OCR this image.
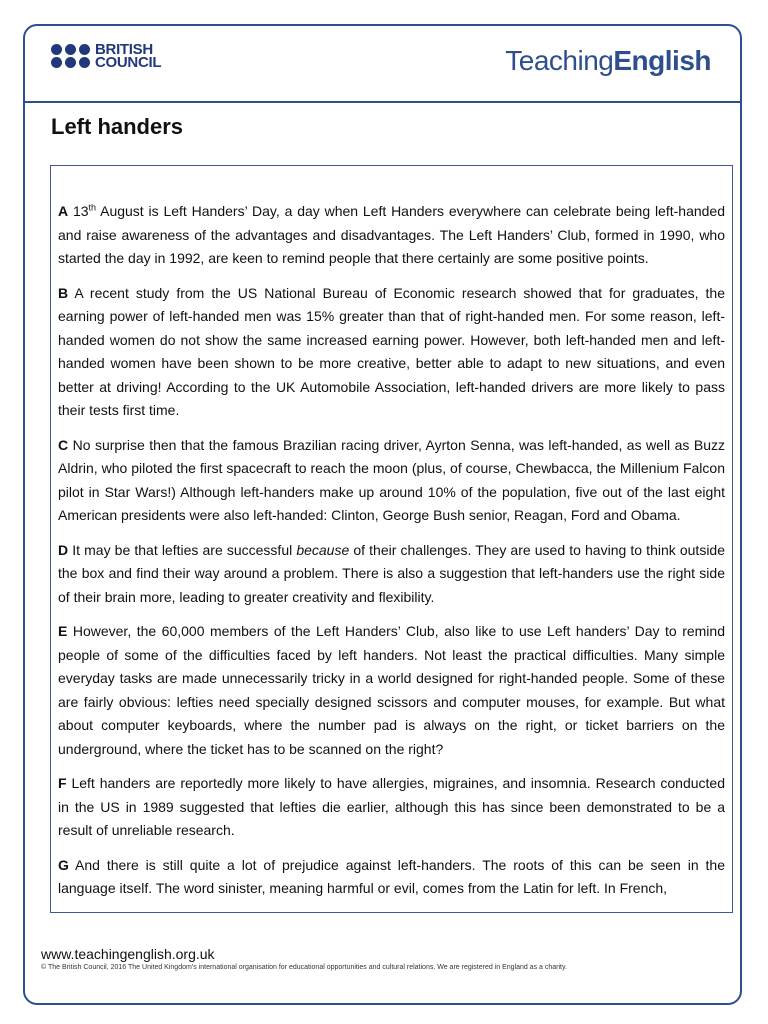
BRITISH
COUNCIL	TeachingEnglish
Left handers

A 13th August is Left Handers’ Day, a day when Left Handers everywhere can celebrate being left-handed and raise awareness of the advantages and disadvantages. The Left Handers’ Club, formed in 1990, who started the day in 1992, are keen to remind people that there certainly are some positive points.

B A recent study from the US National Bureau of Economic research showed that for graduates, the earning power of left-handed men was 15% greater than that of right-handed men. For some reason, left-handed women do not show the same increased earning power. However, both left-handed men and left-handed women have been shown to be more creative, better able to adapt to new situations, and even better at driving! According to the UK Automobile Association, left-handed drivers are more likely to pass their tests first time.

C No surprise then that the famous Brazilian racing driver, Ayrton Senna, was left-handed, as well as Buzz Aldrin, who piloted the first spacecraft to reach the moon (plus, of course, Chewbacca, the Millenium Falcon pilot in Star Wars!) Although left-handers make up around 10% of the population, five out of the last eight American presidents were also left-handed: Clinton, George Bush senior, Reagan, Ford and Obama.

D It may be that lefties are successful because of their challenges. They are used to having to think outside the box and find their way around a problem. There is also a suggestion that left-handers use the right side of their brain more, leading to greater creativity and flexibility.

E However, the 60,000 members of the Left Handers’ Club, also like to use Left handers’ Day to remind people of some of the difficulties faced by left handers. Not least the practical difficulties. Many simple everyday tasks are made unnecessarily tricky in a world designed for right-handed people. Some of these are fairly obvious: lefties need specially designed scissors and computer mouses, for example. But what about computer keyboards, where the number pad is always on the right, or ticket barriers on the underground, where the ticket has to be scanned on the right?

F Left handers are reportedly more likely to have allergies, migraines, and insomnia. Research conducted in the US in 1989 suggested that lefties die earlier, although this has since been demonstrated to be a result of unreliable research.

G And there is still quite a lot of prejudice against left-handers. The roots of this can be seen in the language itself. The word sinister, meaning harmful or evil, comes from the Latin for left. In French,

www.teachingenglish.org.uk
© The British Council, 2016 The United Kingdom’s international organisation for educational opportunities and cultural relations. We are registered in England as a charity.
